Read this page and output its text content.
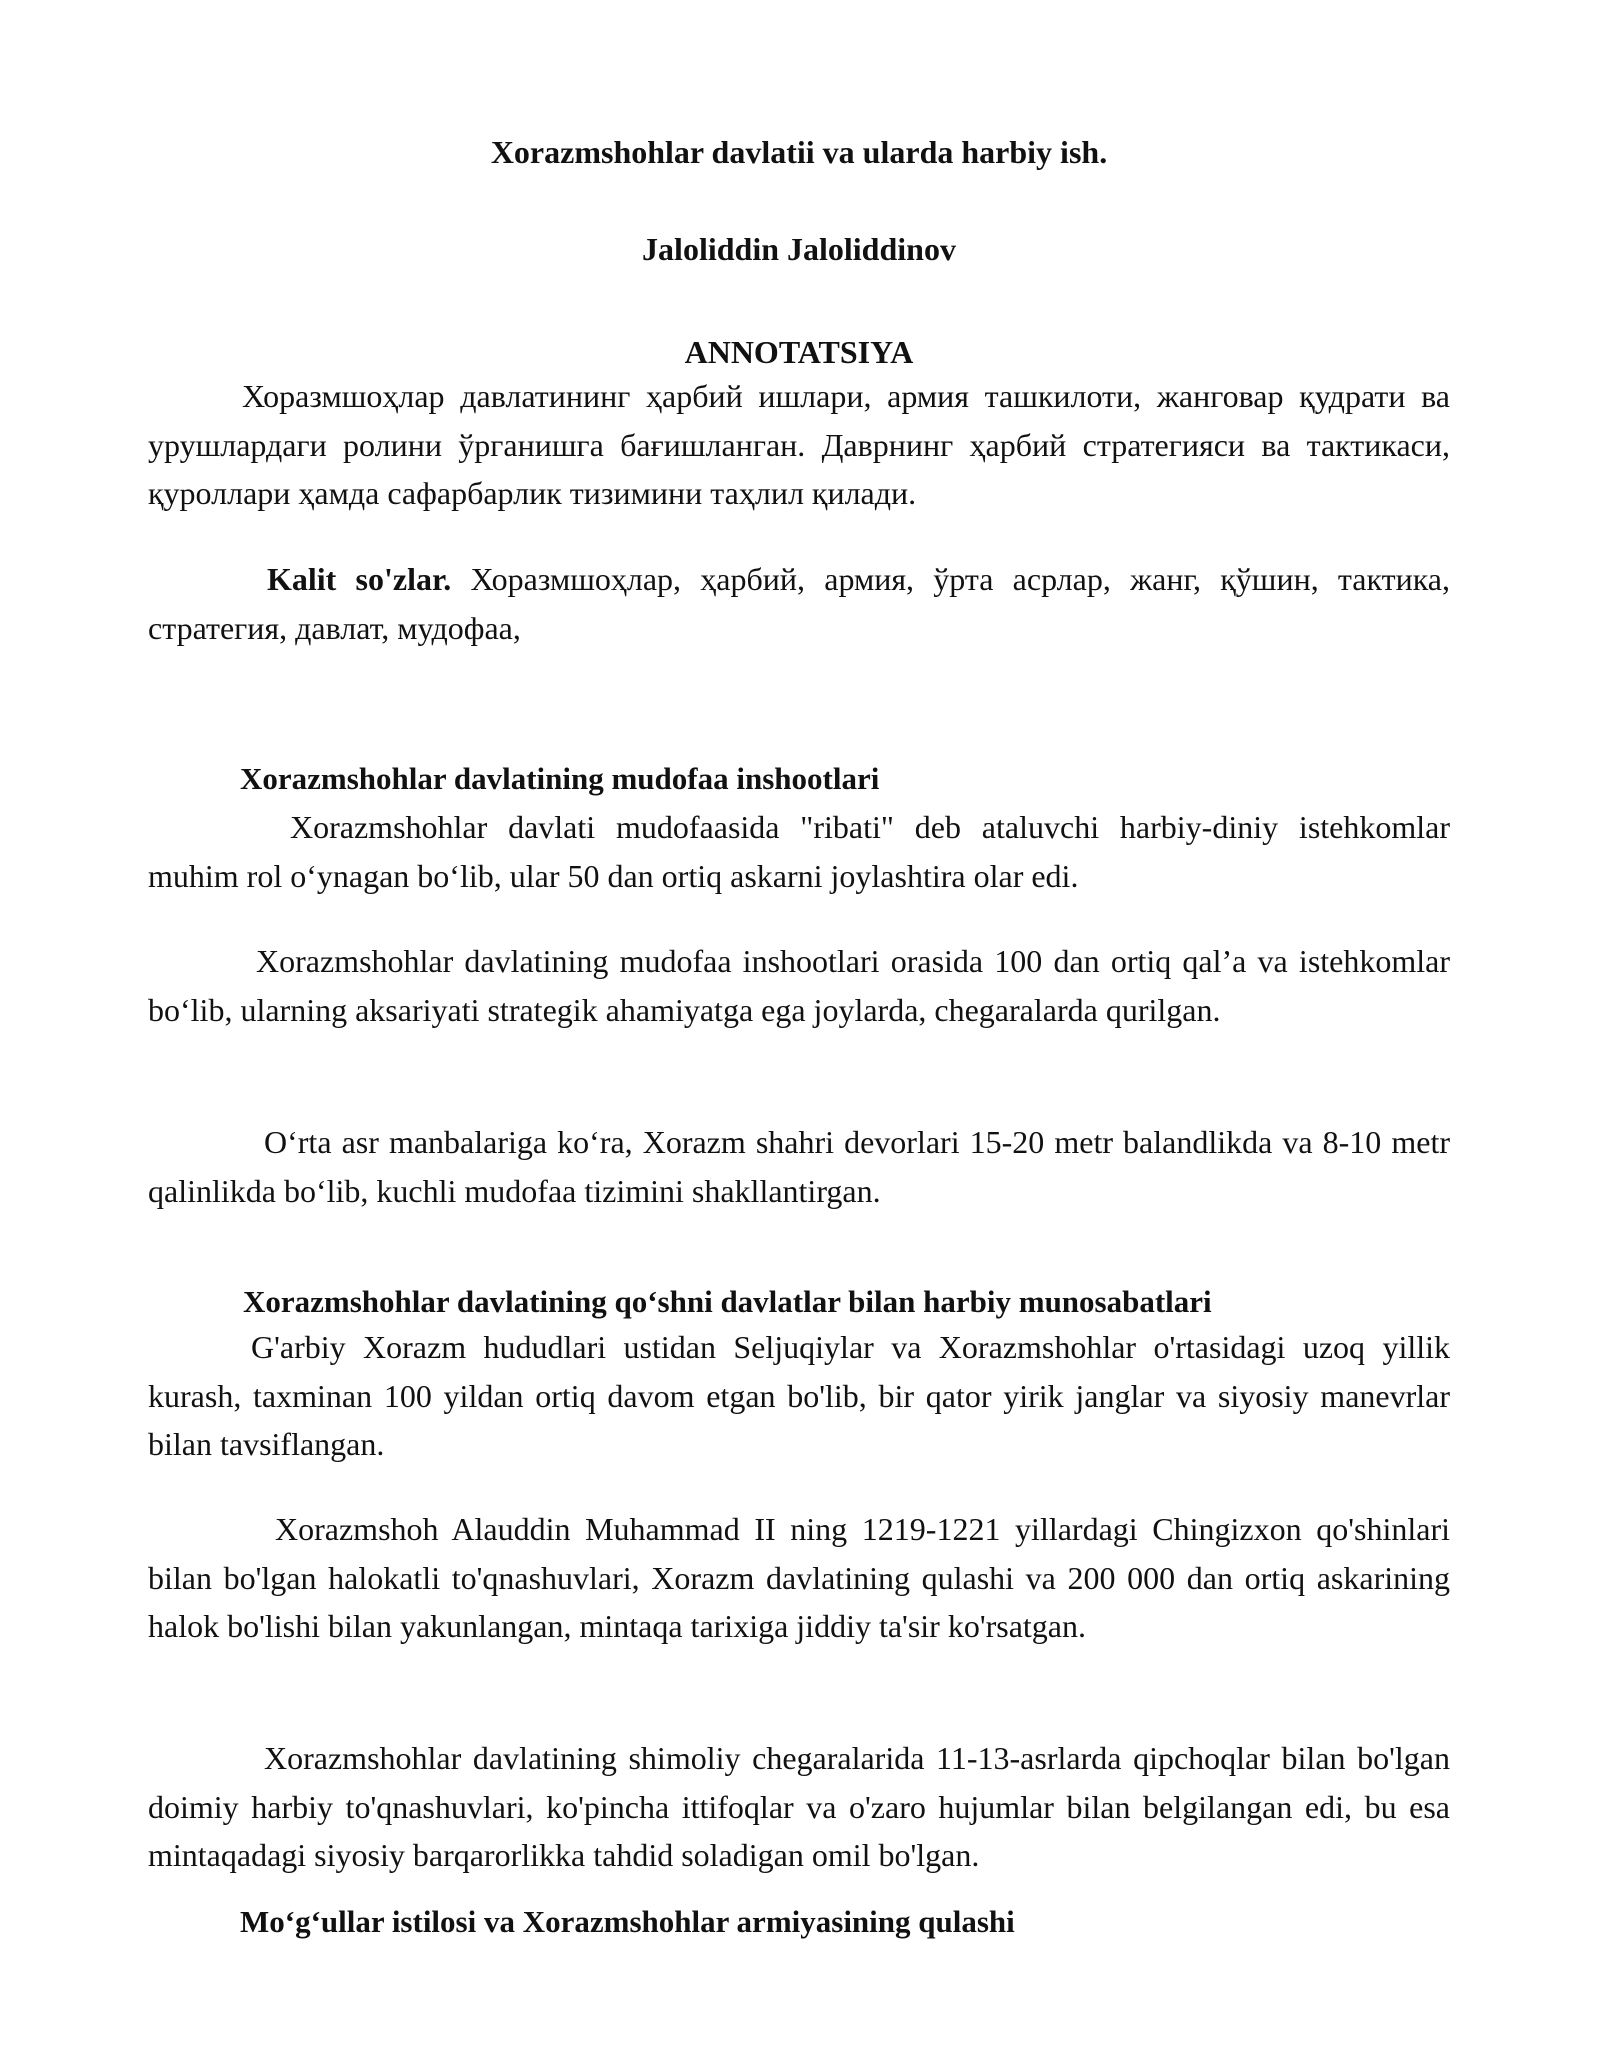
Xorazmshohlar davlatii va ularda harbiy ish.

Jaloliddin Jaloliddinov

ANNOTATSIYA

Хоразмшоҳлар давлатининг ҳарбий ишлари, армия ташкилоти, жанговар қудрати ва урушлардаги ролини ўрганишга бағишланган. Даврнинг ҳарбий стратегияси ва тактикаси, қуроллари ҳамда сафарбарлик тизимини таҳлил қилади.

Kalit so'zlar. Хоразмшоҳлар, ҳарбий, армия, ўрта асрлар, жанг, қўшин, тактика, стратегия, давлат, мудофаа,

Xorazmshohlar davlatining mudofaa inshootlari

Xorazmshohlar davlati mudofaasida "ribati" deb ataluvchi harbiy-diniy istehkomlar muhim rol oʻynagan boʻlib, ular 50 dan ortiq askarni joylashtira olar edi.

Xorazmshohlar davlatining mudofaa inshootlari orasida 100 dan ortiq qalʼa va istehkomlar boʻlib, ularning aksariyati strategik ahamiyatga ega joylarda, chegaralarda qurilgan.

Oʻrta asr manbalariga koʻra, Xorazm shahri devorlari 15-20 metr balandlikda va 8-10 metr qalinlikda boʻlib, kuchli mudofaa tizimini shakllantirgan.

Xorazmshohlar davlatining qoʻshni davlatlar bilan harbiy munosabatlari

G'arbiy Xorazm hududlari ustidan Seljuqiylar va Xorazmshohlar o'rtasidagi uzoq yillik kurash, taxminan 100 yildan ortiq davom etgan bo'lib, bir qator yirik janglar va siyosiy manevrlar bilan tavsiflangan.

Xorazmshoh Alauddin Muhammad II ning 1219-1221 yillardagi Chingizxon qo'shinlari bilan bo'lgan halokatli to'qnashuvlari, Xorazm davlatining qulashi va 200 000 dan ortiq askarining halok bo'lishi bilan yakunlangan, mintaqa tarixiga jiddiy ta'sir ko'rsatgan.

Xorazmshohlar davlatining shimoliy chegaralarida 11-13-asrlarda qipchoqlar bilan bo'lgan doimiy harbiy to'qnashuvlari, ko'pincha ittifoqlar va o'zaro hujumlar bilan belgilangan edi, bu esa mintaqadagi siyosiy barqarorlikka tahdid soladigan omil bo'lgan.

Moʻgʻullar istilosi va Xorazmshohlar armiyasining qulashi
